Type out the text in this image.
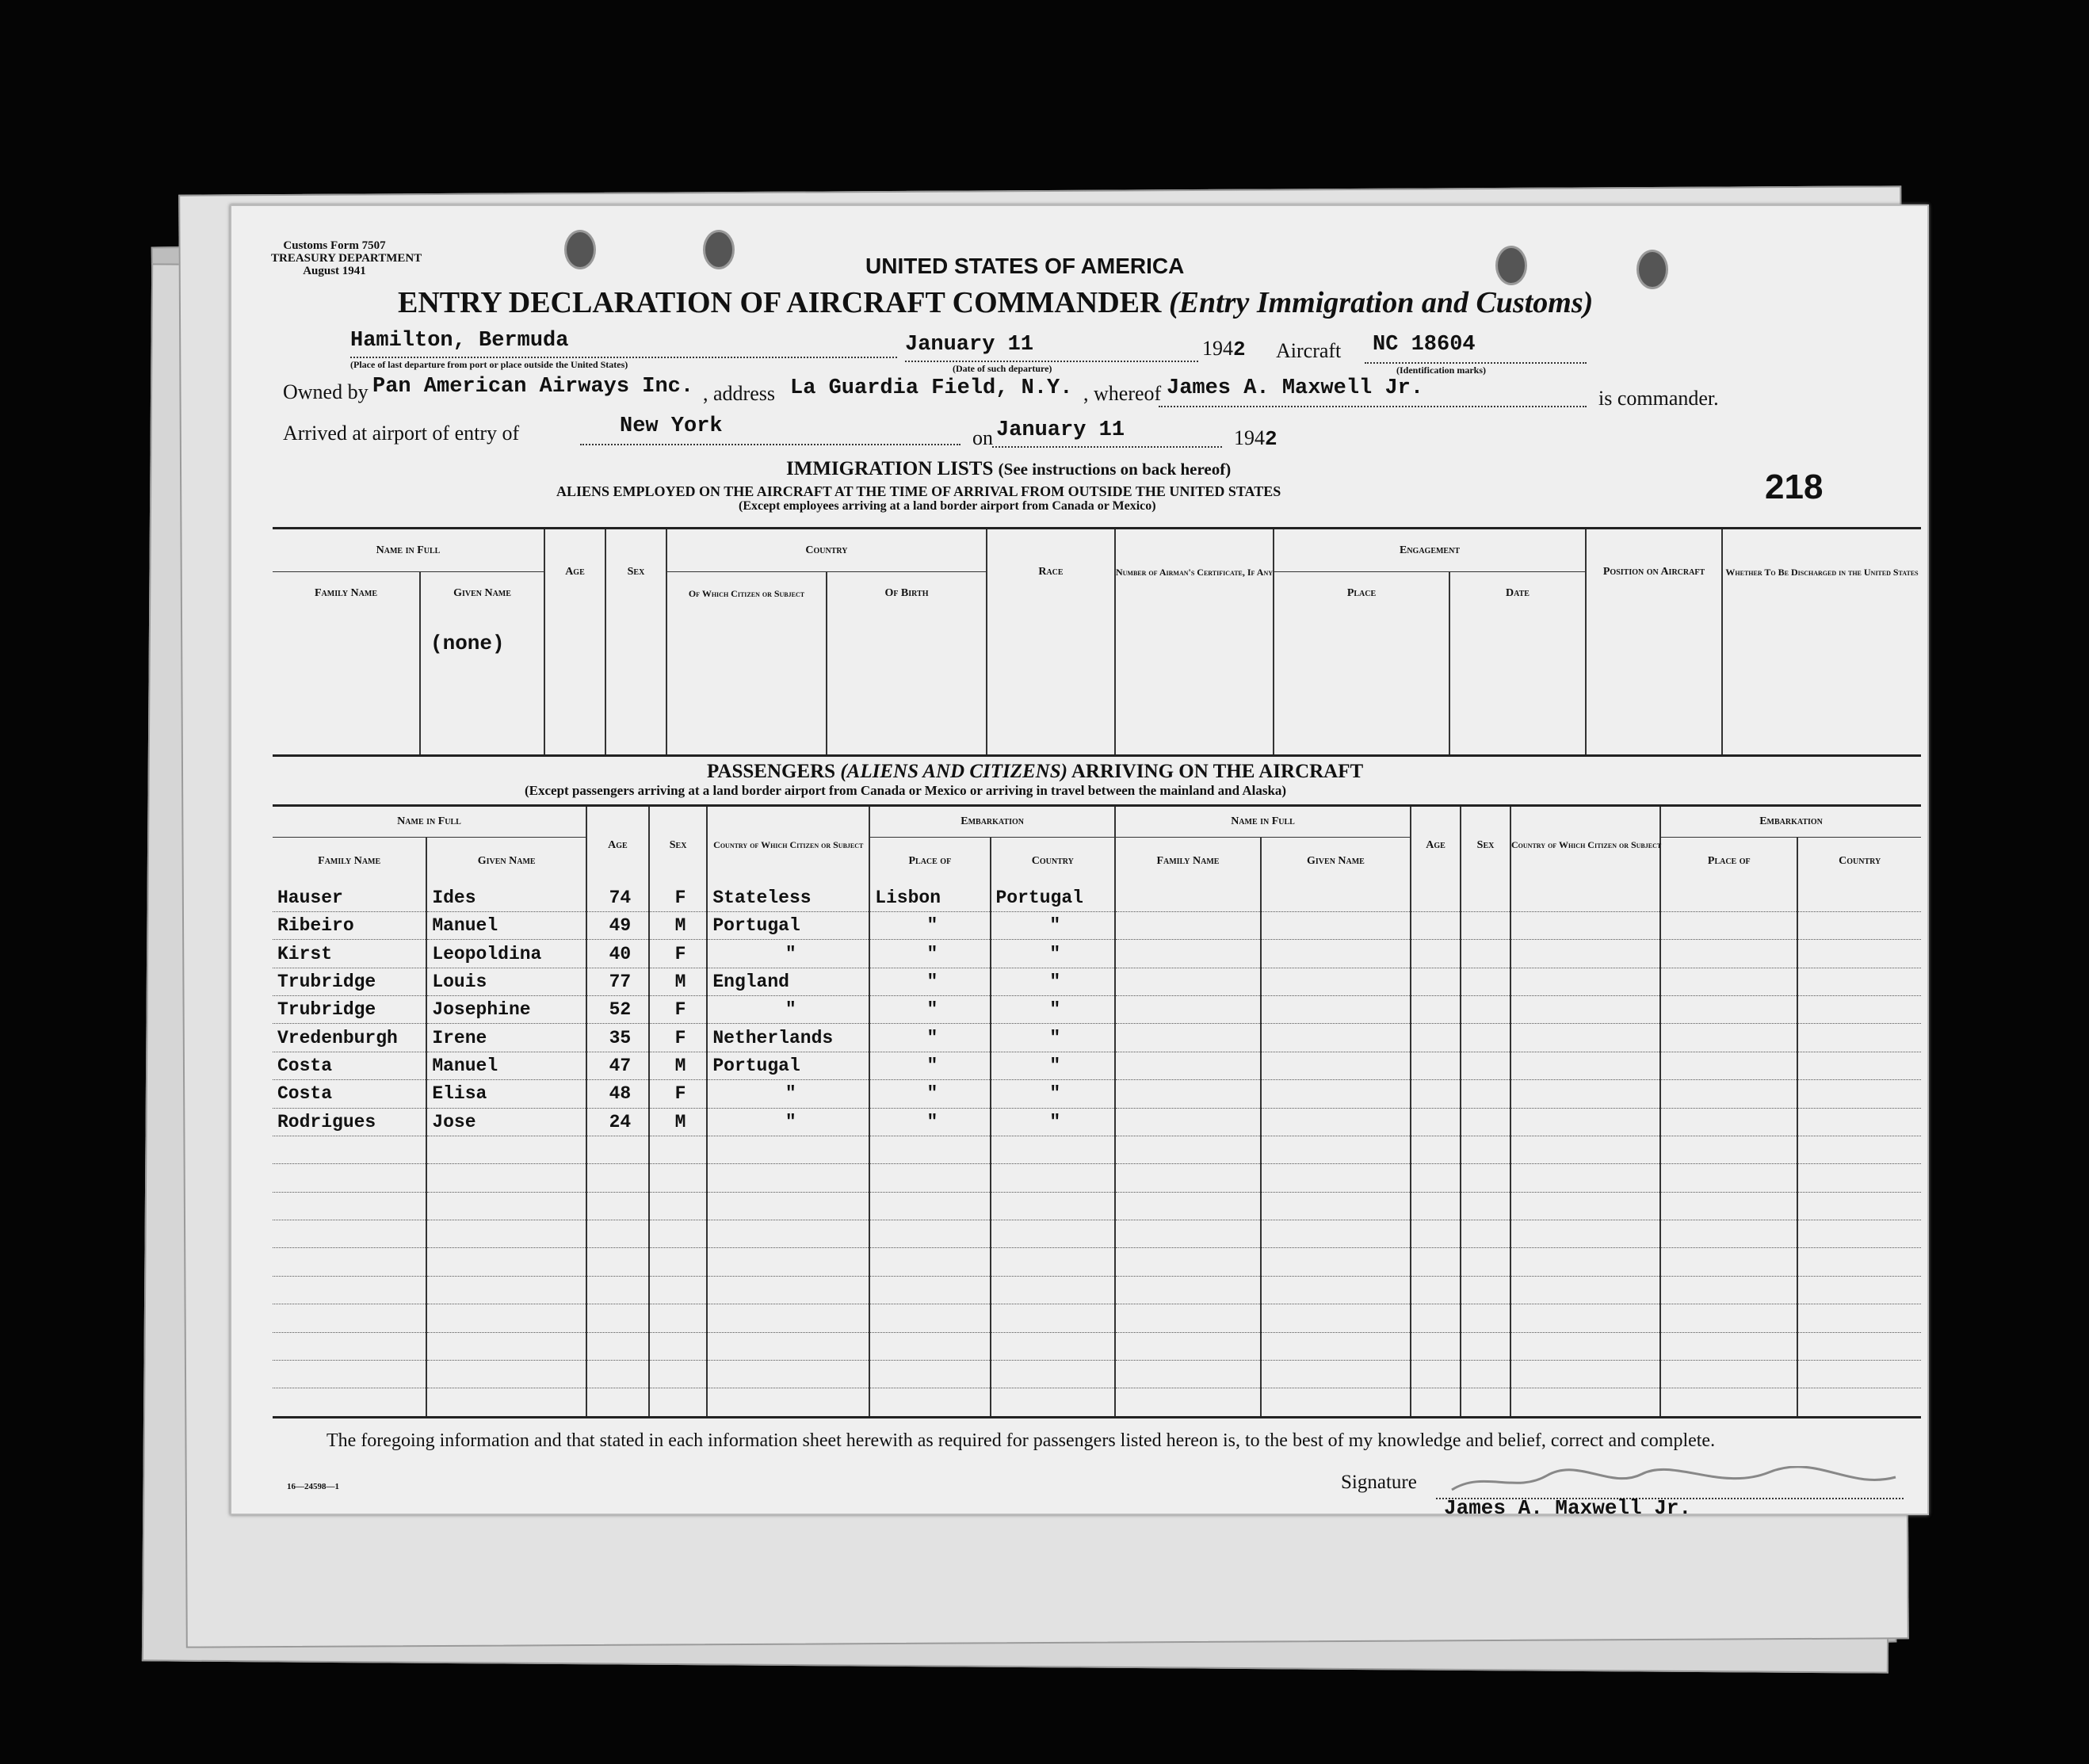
Customs Form 7507
TREASURY DEPARTMENT
August 1941	UNITED STATES OF AMERICA
ENTRY DECLARATION OF AIRCRAFT COMMANDER (Entry Immigration and Customs)
Hamilton, Bermuda
(Place of last departure from port or place outside the United States)
January 11
(Date of such departure)
1942 Aircraft NC 18604
(Identification marks)
Owned by Pan American Airways Inc. , address La Guardia Field, N.Y. , whereof James A. Maxwell Jr.	is commander.
Arrived at airport of entry of	New York	on January 11	1942
IMMIGRATION LISTS (See instructions on back hereof)
ALIENS EMPLOYED ON THE AIRCRAFT AT THE TIME OF ARRIVAL FROM OUTSIDE THE UNITED STATES
(Except employees arriving at a land border airport from Canada or Mexico)	218
Name in Full		Age	Sex	Country		Race	Number of Airman's Certificate, If Any	Engagement		Position on Aircraft	Whether To Be Discharged in the United States
Family Name	Given Name			Of Which Citizen or Subject	Of Birth			Place	Date		
	(none)										
PASSENGERS (ALIENS AND CITIZENS) ARRIVING ON THE AIRCRAFT
(Except passengers arriving at a land border airport from Canada or Mexico or arriving in travel between the mainland and Alaska)
Name in Full		Age	Sex	Country of Which Citizen or Subject	Embarkation		Name in Full		Age	Sex	Country of Which Citizen or Subject	Embarkation	
Family Name	Given Name				Place of	Country	Family Name	Given Name				Place of	Country
Hauser	Ides	74	F	Stateless	Lisbon	Portugal							
Ribeiro	Manuel	49	M	Portugal	"	"							
Kirst	Leopoldina	40	F	"	"	"							
Trubridge	Louis	77	M	England	"	"							
Trubridge	Josephine	52	F	"	"	"							
Vredenburgh	Irene	35	F	Netherlands	"	"							
Costa	Manuel	47	M	Portugal	"	"							
Costa	Elisa	48	F	"	"	"							
Rodrigues	Jose	24	M	"	"	"							

The foregoing information and that stated in each information sheet herewith as required for passengers listed hereon is, to the best of my knowledge and belief, correct and complete.
16—24598—1	Signature
James A. Maxwell Jr.
